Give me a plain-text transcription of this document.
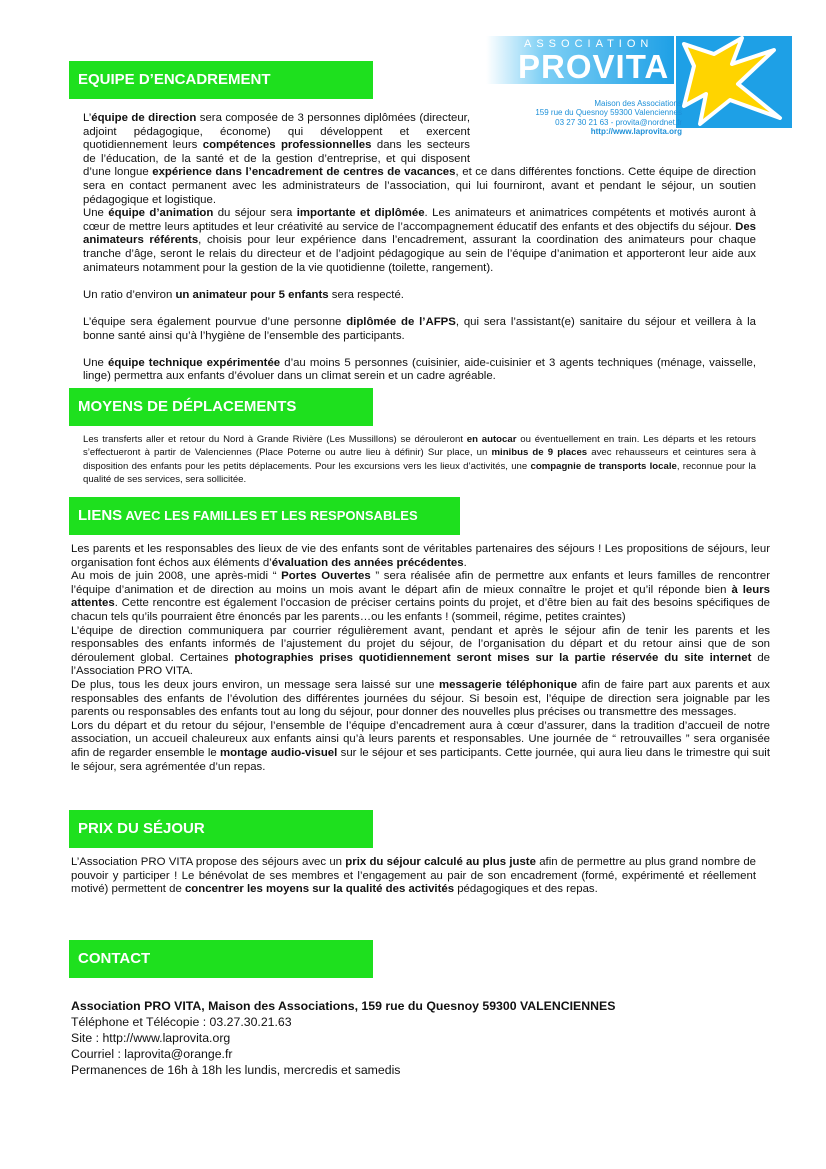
ASSOCIATION
PROVITA
Maison des Associations
159 rue du Quesnoy 59300 Valenciennes
03 27 30 21 63 - provita@nordnet.fr
http://www.laprovita.org
EQUIPE D’ENCADREMENT

L’équipe de direction sera composée de 3 personnes diplômées (directeur, adjoint pédagogique, économe) qui développent et exercent quotidiennement leurs compétences professionnelles dans les secteurs de l’éducation, de la santé et de la gestion d’entreprise, et qui disposent d’une longue expérience dans l’encadrement de centres de vacances, et ce dans différentes fonctions. Cette équipe de direction sera en contact permanent avec les administrateurs de l’association, qui lui fourniront, avant et pendant le séjour, un soutien pédagogique et logistique.

Une équipe d’animation du séjour sera importante et diplômée. Les animateurs et animatrices compétents et motivés auront à cœur de mettre leurs aptitudes et leur créativité au service de l’accompagnement éducatif des enfants et des objectifs du séjour. Des animateurs référents, choisis pour leur expérience dans l’encadrement, assurant la coordination des animateurs pour chaque tranche d’âge, seront le relais du directeur et de l’adjoint pédagogique au sein de l’équipe d’animation et apporteront leur aide aux animateurs notamment pour la gestion de la vie quotidienne (toilette, rangement).

Un ratio d’environ un animateur pour 5 enfants sera respecté.

L’équipe sera également pourvue d’une personne diplômée de l’AFPS, qui sera l’assistant(e) sanitaire du séjour et veillera à la bonne santé ainsi qu’à l’hygiène de l’ensemble des participants.

Une équipe technique expérimentée d’au moins 5 personnes (cuisinier, aide-cuisinier et 3 agents techniques (ménage, vaisselle, linge) permettra aux enfants d’évoluer dans un climat serein et un cadre agréable.

MOYENS DE DÉPLACEMENTS

Les transferts aller et retour du Nord à Grande Rivière (Les Mussillons) se dérouleront en autocar ou éventuellement en train. Les départs et les retours s’effectueront à partir de Valenciennes (Place Poterne ou autre lieu à définir) Sur place, un minibus de 9 places avec rehausseurs et ceintures sera à disposition des enfants pour les petits déplacements. Pour les excursions vers les lieux d’activités, une compagnie de transports locale, reconnue pour la qualité de ses services, sera sollicitée.

LIENS AVEC LES FAMILLES ET LES RESPONSABLES

Les parents et les responsables des lieux de vie des enfants sont de véritables partenaires des séjours ! Les propositions de séjours, leur organisation font échos aux éléments d’évaluation des années précédentes.

Au mois de juin 2008, une après-midi “ Portes Ouvertes ” sera réalisée afin de permettre aux enfants et leurs familles de rencontrer l’équipe d’animation et de direction au moins un mois avant le départ afin de mieux connaître le projet et qu’il réponde bien à leurs attentes. Cette rencontre est également l’occasion de préciser certains points du projet, et d’être bien au fait des besoins spécifiques de chacun tels qu’ils pourraient être énoncés par les parents…ou les enfants ! (sommeil, régime, petites craintes)

L’équipe de direction communiquera par courrier régulièrement avant, pendant et après le séjour afin de tenir les parents et les responsables des enfants informés de l’ajustement du projet du séjour, de l’organisation du départ et du retour ainsi que de son déroulement global. Certaines photographies prises quotidiennement seront mises sur la partie réservée du site internet de l’Association PRO VITA.

De plus, tous les deux jours environ, un message sera laissé sur une messagerie téléphonique afin de faire part aux parents et aux responsables des enfants de l’évolution des différentes journées du séjour. Si besoin est, l’équipe de direction sera joignable par les parents ou responsables des enfants tout au long du séjour, pour donner des nouvelles plus précises ou transmettre des messages.

Lors du départ et du retour du séjour, l’ensemble de l’équipe d’encadrement aura à cœur d’assurer, dans la tradition d’accueil de notre association, un accueil chaleureux aux enfants ainsi qu’à leurs parents et responsables. Une journée de “ retrouvailles ” sera organisée afin de regarder ensemble le montage audio-visuel sur le séjour et ses participants. Cette journée, qui aura lieu dans le trimestre qui suit le séjour, sera agrémentée d’un repas.

PRIX DU SÉJOUR

L’Association PRO VITA propose des séjours avec un prix du séjour calculé au plus juste afin de permettre au plus grand nombre de pouvoir y participer ! Le bénévolat de ses membres et l’engagement au pair de son encadrement (formé, expérimenté et réellement motivé) permettent de concentrer les moyens sur la qualité des activités pédagogiques et des repas.

CONTACT

Association PRO VITA, Maison des Associations, 159 rue du Quesnoy 59300 VALENCIENNES

Téléphone et Télécopie : 03.27.30.21.63

Site : http://www.laprovita.org

Courriel : laprovita@orange.fr

Permanences de 16h à 18h les lundis, mercredis et samedis
